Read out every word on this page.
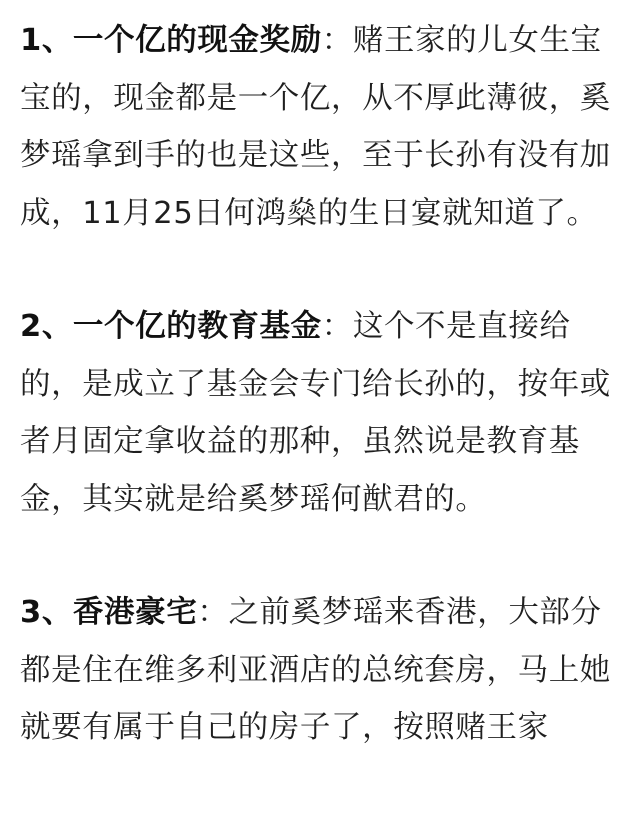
1、一个亿的现金奖励：赌王家的儿女生宝宝的，现金都是一个亿，从不厚此薄彼，奚梦瑶拿到手的也是这些，至于长孙有没有加成，11月25日何鸿燊的生日宴就知道了。

2、一个亿的教育基金：这个不是直接给的，是成立了基金会专门给长孙的，按年或者月固定拿收益的那种，虽然说是教育基金，其实就是给奚梦瑶何猷君的。

3、香港豪宅：之前奚梦瑶来香港，大部分都是住在维多利亚酒店的总统套房，马上她就要有属于自己的房子了，按照赌王家
